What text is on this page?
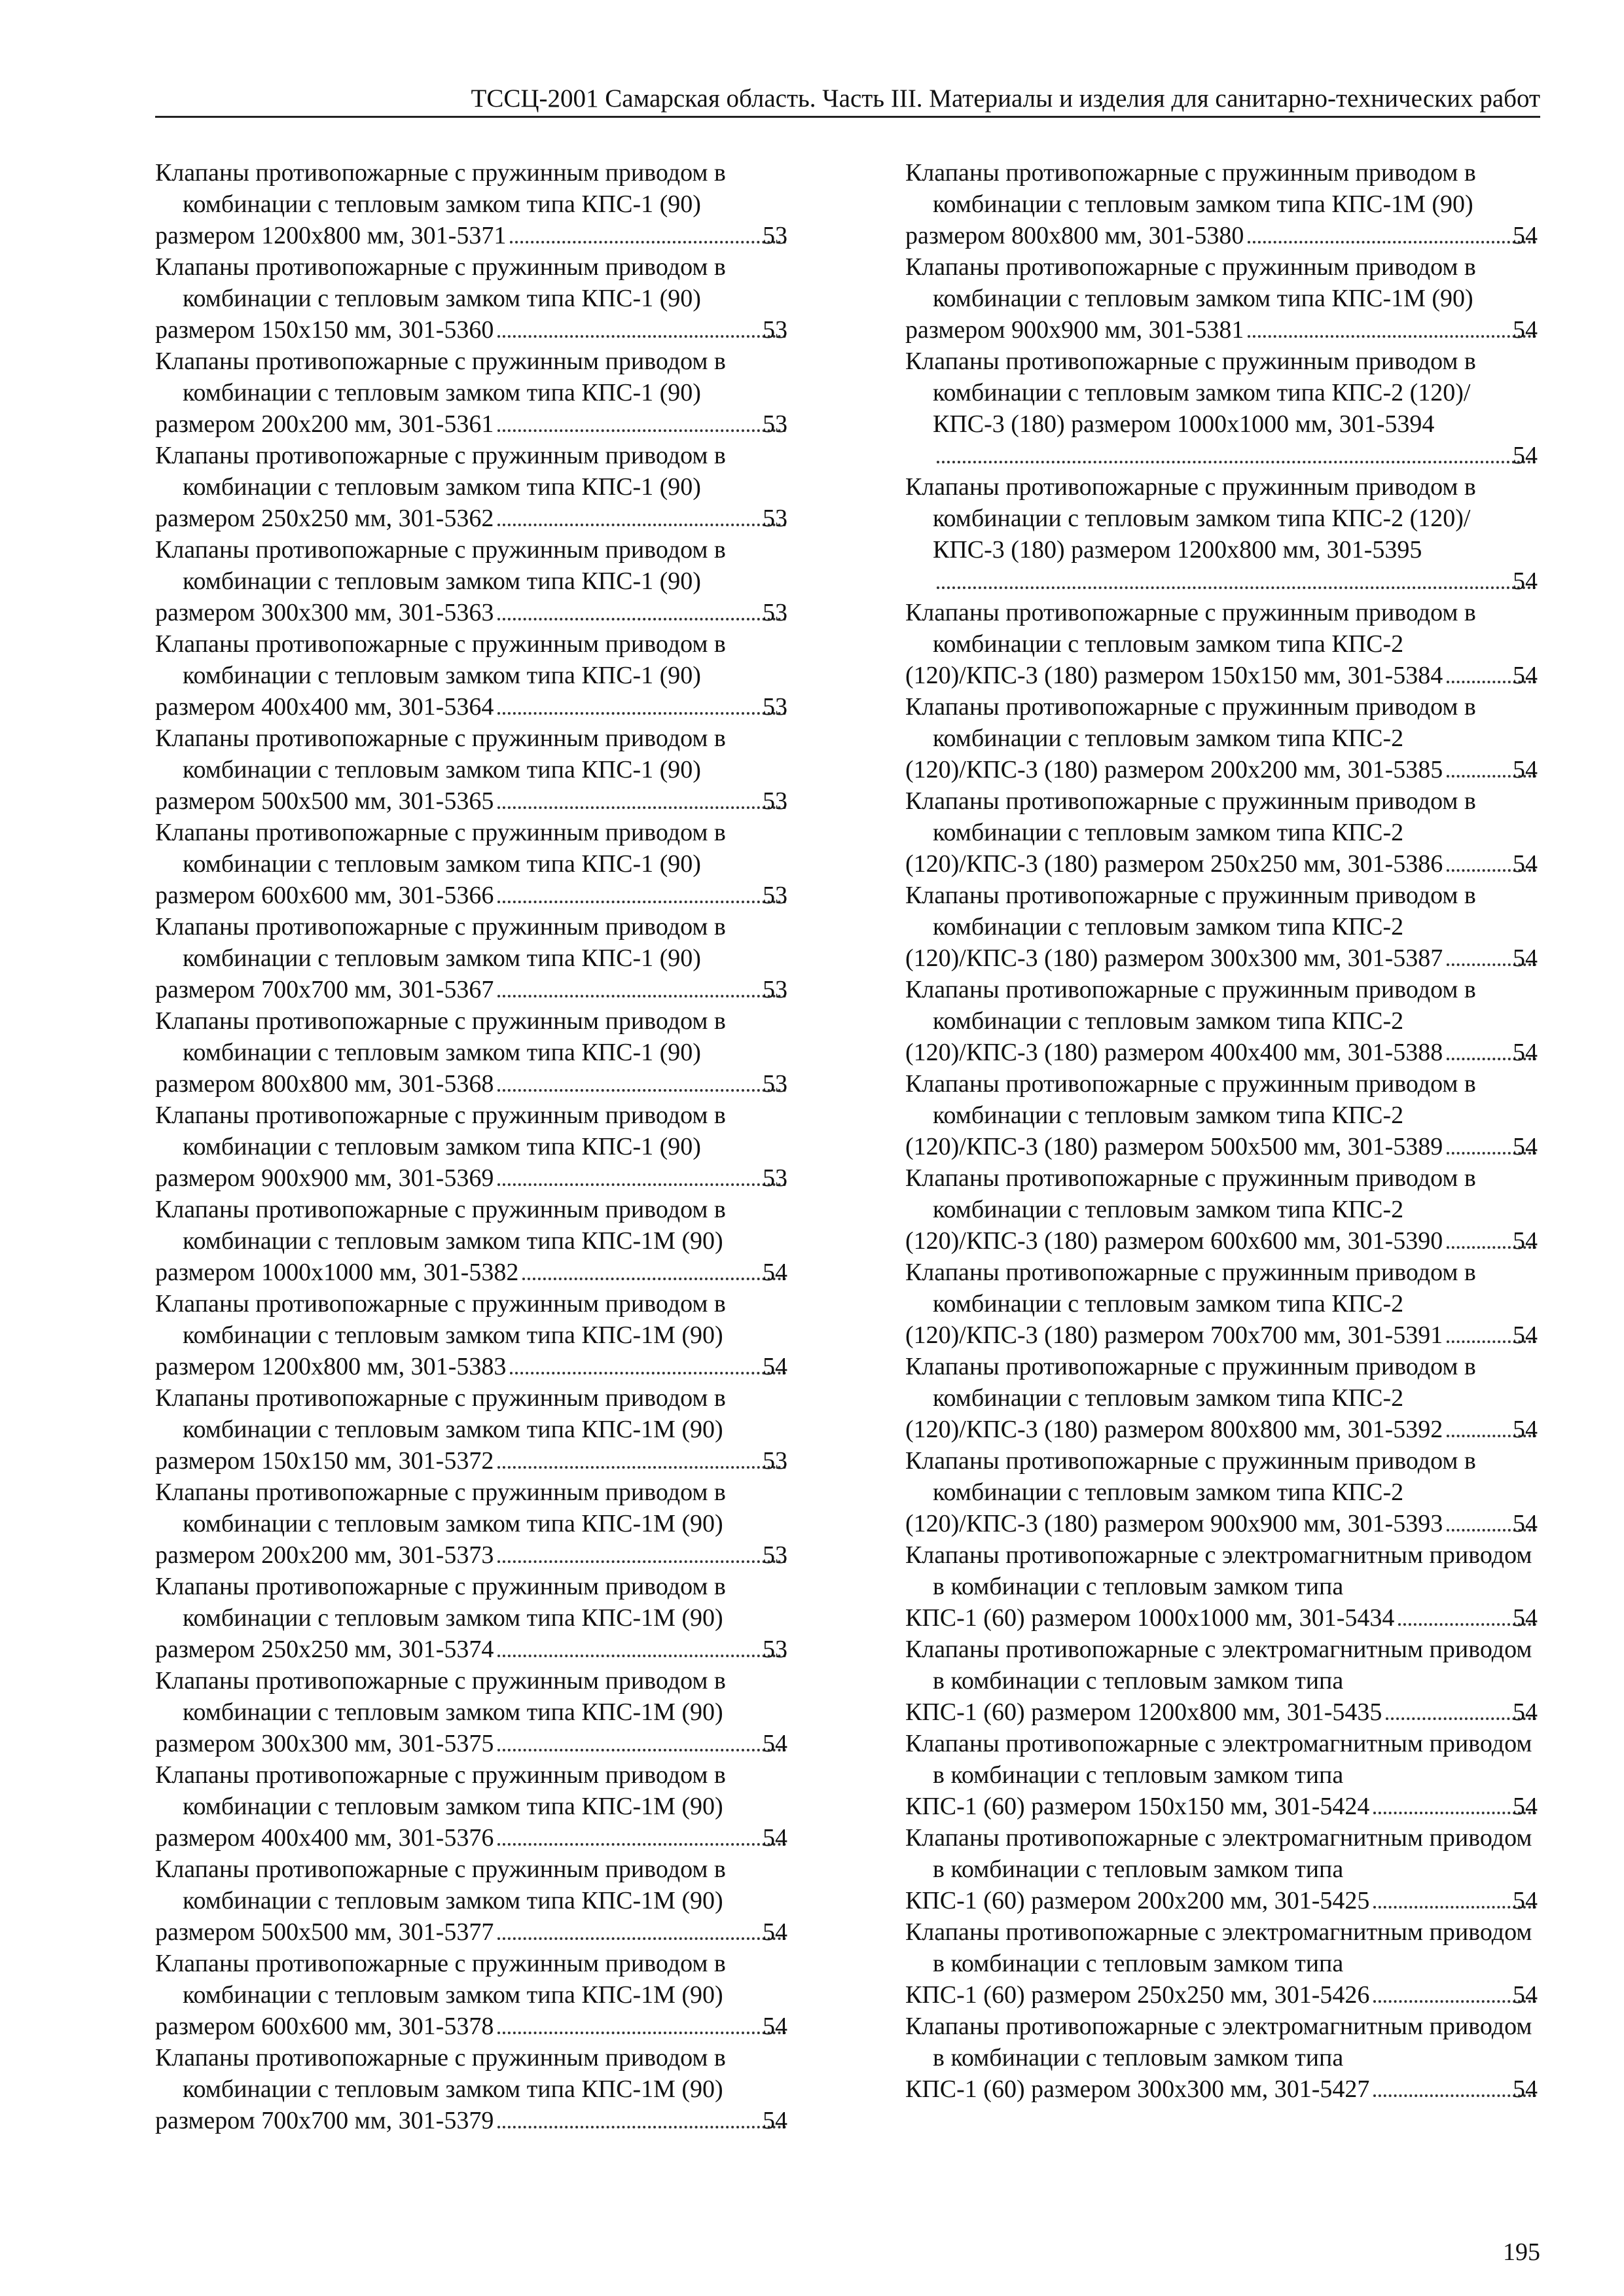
ТССЦ-2001 Самарская область. Часть III. Материалы и изделия для санитарно-технических работ

Клапаны противопожарные с пружинным приводом в комбинации с тепловым замком типа КПС-1 (90)
размером 1200х800 мм, 301-5371	53

Клапаны противопожарные с пружинным приводом в комбинации с тепловым замком типа КПС-1 (90)
размером 150х150 мм, 301-5360	53

Клапаны противопожарные с пружинным приводом в комбинации с тепловым замком типа КПС-1 (90)
размером 200х200 мм, 301-5361	53

Клапаны противопожарные с пружинным приводом в комбинации с тепловым замком типа КПС-1 (90)
размером 250х250 мм, 301-5362	53

Клапаны противопожарные с пружинным приводом в комбинации с тепловым замком типа КПС-1 (90)
размером 300х300 мм, 301-5363	53

Клапаны противопожарные с пружинным приводом в комбинации с тепловым замком типа КПС-1 (90)
размером 400х400 мм, 301-5364	53

Клапаны противопожарные с пружинным приводом в комбинации с тепловым замком типа КПС-1 (90)
размером 500х500 мм, 301-5365	53

Клапаны противопожарные с пружинным приводом в комбинации с тепловым замком типа КПС-1 (90)
размером 600х600 мм, 301-5366	53

Клапаны противопожарные с пружинным приводом в комбинации с тепловым замком типа КПС-1 (90)
размером 700х700 мм, 301-5367	53

Клапаны противопожарные с пружинным приводом в комбинации с тепловым замком типа КПС-1 (90)
размером 800х800 мм, 301-5368	53

Клапаны противопожарные с пружинным приводом в комбинации с тепловым замком типа КПС-1 (90)
размером 900х900 мм, 301-5369	53

Клапаны противопожарные с пружинным приводом в комбинации с тепловым замком типа КПС-1М (90)
размером 1000х1000 мм, 301-5382	54

Клапаны противопожарные с пружинным приводом в комбинации с тепловым замком типа КПС-1М (90)
размером 1200х800 мм, 301-5383	54

Клапаны противопожарные с пружинным приводом в комбинации с тепловым замком типа КПС-1М (90)
размером 150х150 мм, 301-5372	53

Клапаны противопожарные с пружинным приводом в комбинации с тепловым замком типа КПС-1М (90)
размером 200х200 мм, 301-5373	53

Клапаны противопожарные с пружинным приводом в комбинации с тепловым замком типа КПС-1М (90)
размером 250х250 мм, 301-5374	53

Клапаны противопожарные с пружинным приводом в комбинации с тепловым замком типа КПС-1М (90)
размером 300х300 мм, 301-5375	54

Клапаны противопожарные с пружинным приводом в комбинации с тепловым замком типа КПС-1М (90)
размером 400х400 мм, 301-5376	54

Клапаны противопожарные с пружинным приводом в комбинации с тепловым замком типа КПС-1М (90)
размером 500х500 мм, 301-5377	54

Клапаны противопожарные с пружинным приводом в комбинации с тепловым замком типа КПС-1М (90)
размером 600х600 мм, 301-5378	54

Клапаны противопожарные с пружинным приводом в комбинации с тепловым замком типа КПС-1М (90)
размером 700х700 мм, 301-5379	54

Клапаны противопожарные с пружинным приводом в комбинации с тепловым замком типа КПС-1М (90)
размером 800х800 мм, 301-5380	54

Клапаны противопожарные с пружинным приводом в комбинации с тепловым замком типа КПС-1М (90)
размером 900х900 мм, 301-5381	54

Клапаны противопожарные с пружинным приводом в комбинации с тепловым замком типа КПС-2 (120)/КПС-3 (180) размером 1000х1000 мм, 301-5394
54

Клапаны противопожарные с пружинным приводом в комбинации с тепловым замком типа КПС-2 (120)/КПС-3 (180) размером 1200х800 мм, 301-5395
54

Клапаны противопожарные с пружинным приводом в комбинации с тепловым замком типа КПС-2
(120)/КПС-3 (180) размером 150х150 мм, 301-5384	54

Клапаны противопожарные с пружинным приводом в комбинации с тепловым замком типа КПС-2
(120)/КПС-3 (180) размером 200х200 мм, 301-5385	54

Клапаны противопожарные с пружинным приводом в комбинации с тепловым замком типа КПС-2
(120)/КПС-3 (180) размером 250х250 мм, 301-5386	54

Клапаны противопожарные с пружинным приводом в комбинации с тепловым замком типа КПС-2
(120)/КПС-3 (180) размером 300х300 мм, 301-5387	54

Клапаны противопожарные с пружинным приводом в комбинации с тепловым замком типа КПС-2
(120)/КПС-3 (180) размером 400х400 мм, 301-5388	54

Клапаны противопожарные с пружинным приводом в комбинации с тепловым замком типа КПС-2
(120)/КПС-3 (180) размером 500х500 мм, 301-5389	54

Клапаны противопожарные с пружинным приводом в комбинации с тепловым замком типа КПС-2
(120)/КПС-3 (180) размером 600х600 мм, 301-5390	54

Клапаны противопожарные с пружинным приводом в комбинации с тепловым замком типа КПС-2
(120)/КПС-3 (180) размером 700х700 мм, 301-5391	54

Клапаны противопожарные с пружинным приводом в комбинации с тепловым замком типа КПС-2
(120)/КПС-3 (180) размером 800х800 мм, 301-5392	54

Клапаны противопожарные с пружинным приводом в комбинации с тепловым замком типа КПС-2
(120)/КПС-3 (180) размером 900х900 мм, 301-5393	54

Клапаны противопожарные с электромагнитным приводом в комбинации с тепловым замком типа
КПС-1 (60) размером 1000х1000 мм, 301-5434	54

Клапаны противопожарные с электромагнитным приводом в комбинации с тепловым замком типа
КПС-1 (60) размером 1200х800 мм, 301-5435	54

Клапаны противопожарные с электромагнитным приводом в комбинации с тепловым замком типа
КПС-1 (60) размером 150х150 мм, 301-5424	54

Клапаны противопожарные с электромагнитным приводом в комбинации с тепловым замком типа
КПС-1 (60) размером 200х200 мм, 301-5425	54

Клапаны противопожарные с электромагнитным приводом в комбинации с тепловым замком типа
КПС-1 (60) размером 250х250 мм, 301-5426	54

Клапаны противопожарные с электромагнитным приводом в комбинации с тепловым замком типа
КПС-1 (60) размером 300х300 мм, 301-5427	54

195
